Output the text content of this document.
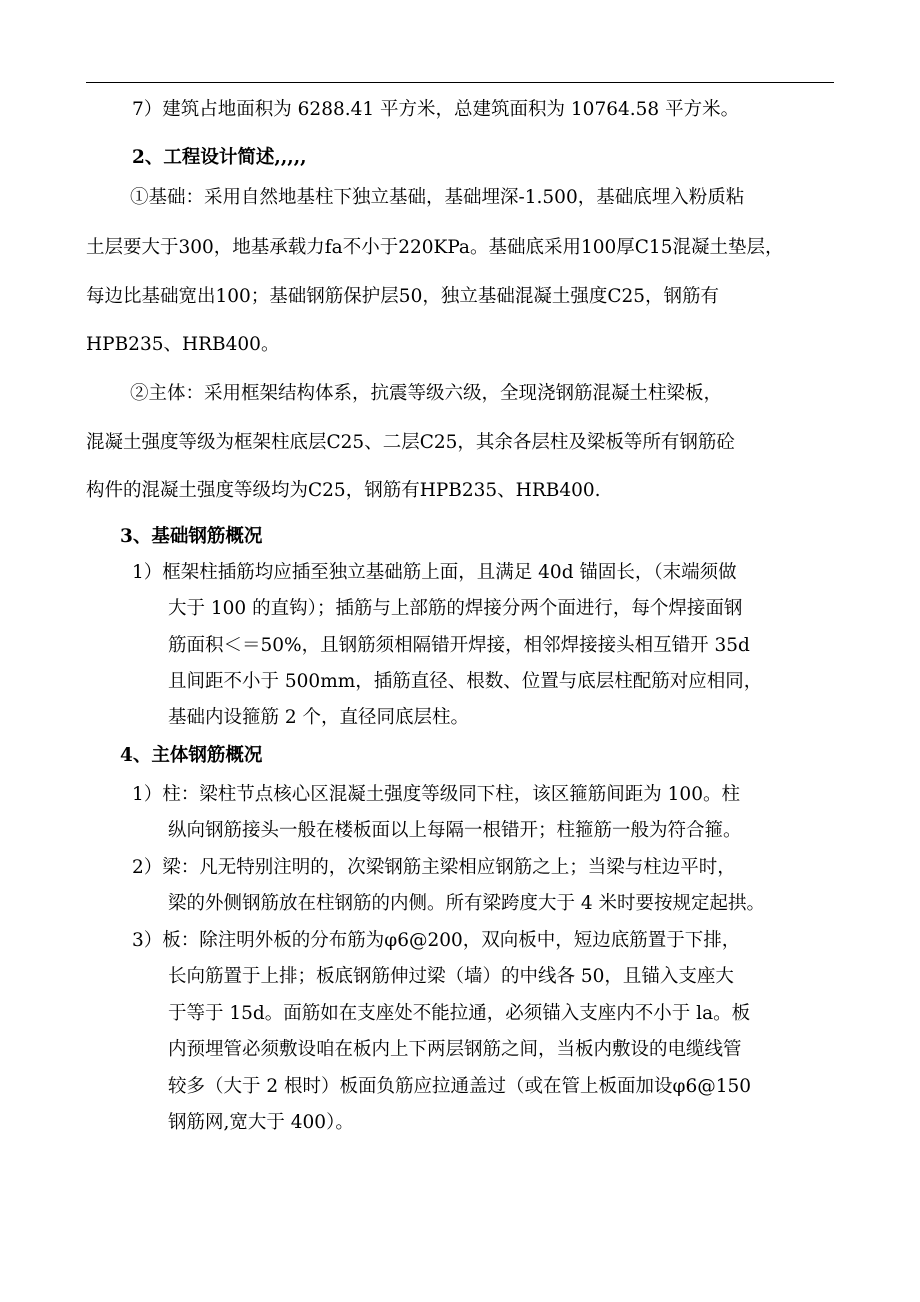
7）建筑占地面积为 6288.41 平方米，总建筑面积为 10764.58 平方米。
2、工程设计简述,,,,,
①基础：采用自然地基柱下独立基础，基础埋深-1.500，基础底埋入粉质粘
土层要大于300，地基承载力fa不小于220KPa。基础底采用100厚C15混凝土垫层，
每边比基础宽出100；基础钢筋保护层50，独立基础混凝土强度C25，钢筋有
HPB235、HRB400。
②主体：采用框架结构体系，抗震等级六级，全现浇钢筋混凝土柱梁板，
混凝土强度等级为框架柱底层C25、二层C25，其余各层柱及梁板等所有钢筋砼
构件的混凝土强度等级均为C25，钢筋有HPB235、HRB400.
3、基础钢筋概况
1）框架柱插筋均应插至独立基础筋上面，且满足 40d 锚固长，（末端须做
大于 100 的直钩）；插筋与上部筋的焊接分两个面进行，每个焊接面钢
筋面积＜＝50%，且钢筋须相隔错开焊接，相邻焊接接头相互错开 35d
且间距不小于 500mm，插筋直径、根数、位置与底层柱配筋对应相同，
基础内设箍筋 2 个，直径同底层柱。
4、主体钢筋概况
1）柱：梁柱节点核心区混凝土强度等级同下柱，该区箍筋间距为 100。柱
纵向钢筋接头一般在楼板面以上每隔一根错开；柱箍筋一般为符合箍。
2）梁：凡无特别注明的，次梁钢筋主梁相应钢筋之上；当梁与柱边平时，
梁的外侧钢筋放在柱钢筋的内侧。所有梁跨度大于 4 米时要按规定起拱。
3）板：除注明外板的分布筋为φ6@200，双向板中，短边底筋置于下排，
长向筋置于上排；板底钢筋伸过梁（墙）的中线各 50，且锚入支座大
于等于 15d。面筋如在支座处不能拉通，必须锚入支座内不小于 la。板
内预埋管必须敷设咱在板内上下两层钢筋之间，当板内敷设的电缆线管
较多（大于 2 根时）板面负筋应拉通盖过（或在管上板面加设φ6@150
钢筋网,宽大于 400）。
